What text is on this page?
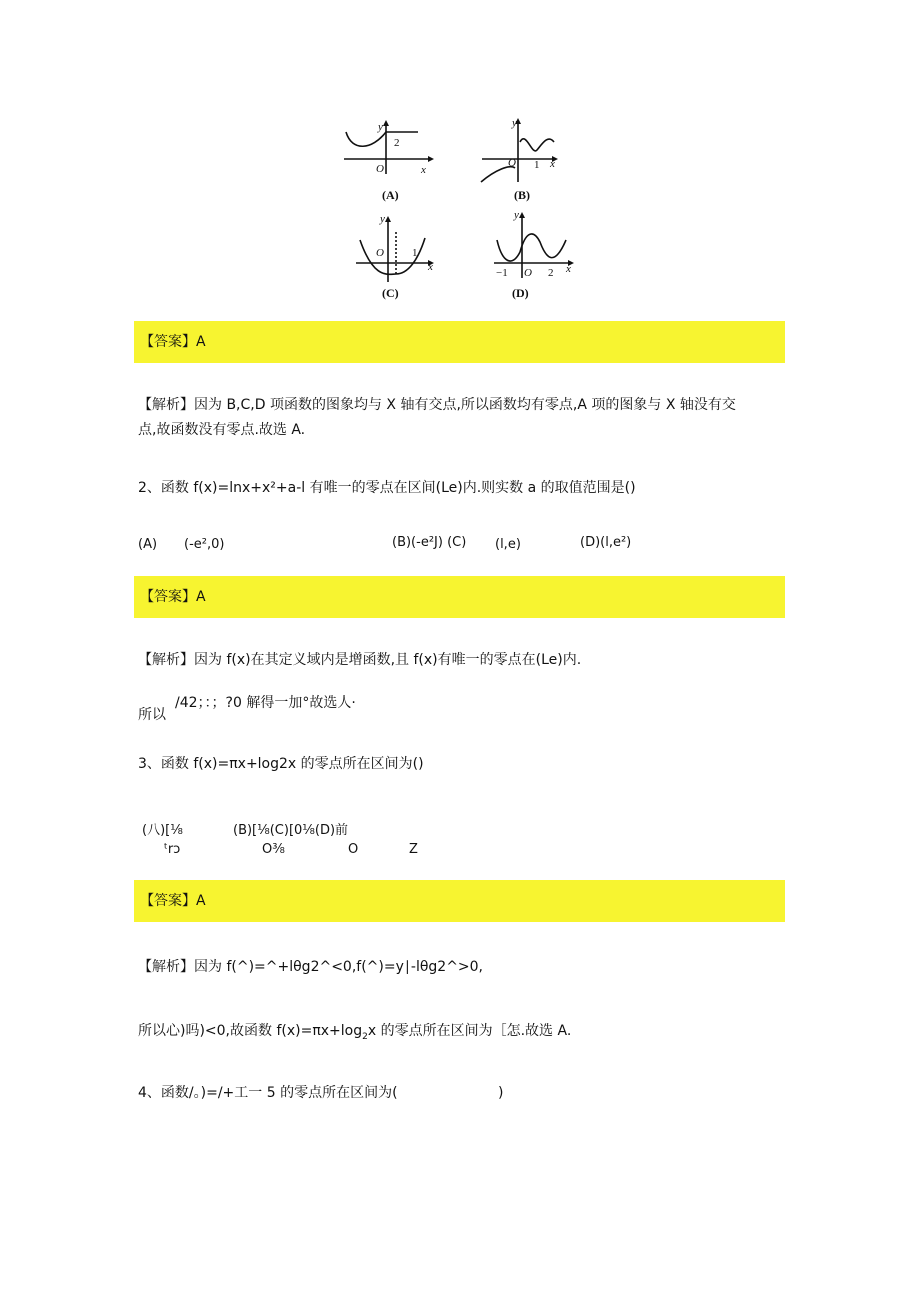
y
x
O
y
x
O
y
x
O
y
x
O
2
1
1
−1	2
(A)	(B)
(C)	(D)
【答案】A
【解析】因为 B,C,D 项函数的图象均与 X 轴有交点,所以函数均有零点,A 项的图象与 X 轴没有交
点,故函数没有零点.故选 A.
2、函数 f(x)=lnx+x²+a-l 有唯一的零点在区间(Le)内.则实数 a 的取值范围是()
(A) (-e²,0)	(B)(-e²J) (C) (l,e)	(D)(l,e²)
【答案】A
【解析】因为 f(x)在其定义域内是增函数,且 f(x)有唯一的零点在(Le)内.
所以
/42；：；?0 解得一加°故选人·
3、函数 f(x)=πx+log2x 的零点所在区间为()
(八)[⅛	(B)[⅛(C)[0⅛(D)前
ᵗrↄ	O⅜	O	Z
【答案】A
【解析】因为 f(^)=^+lθg2^<0,f(^)=y∣-lθg2^>0,
所以心)吗)<0,故函数 $f(x)=\pi x+\log_2x$ 的零点所在区间为［怎.故选 A.
4、函数/。)=/+工一 5 的零点所在区间为(	)
